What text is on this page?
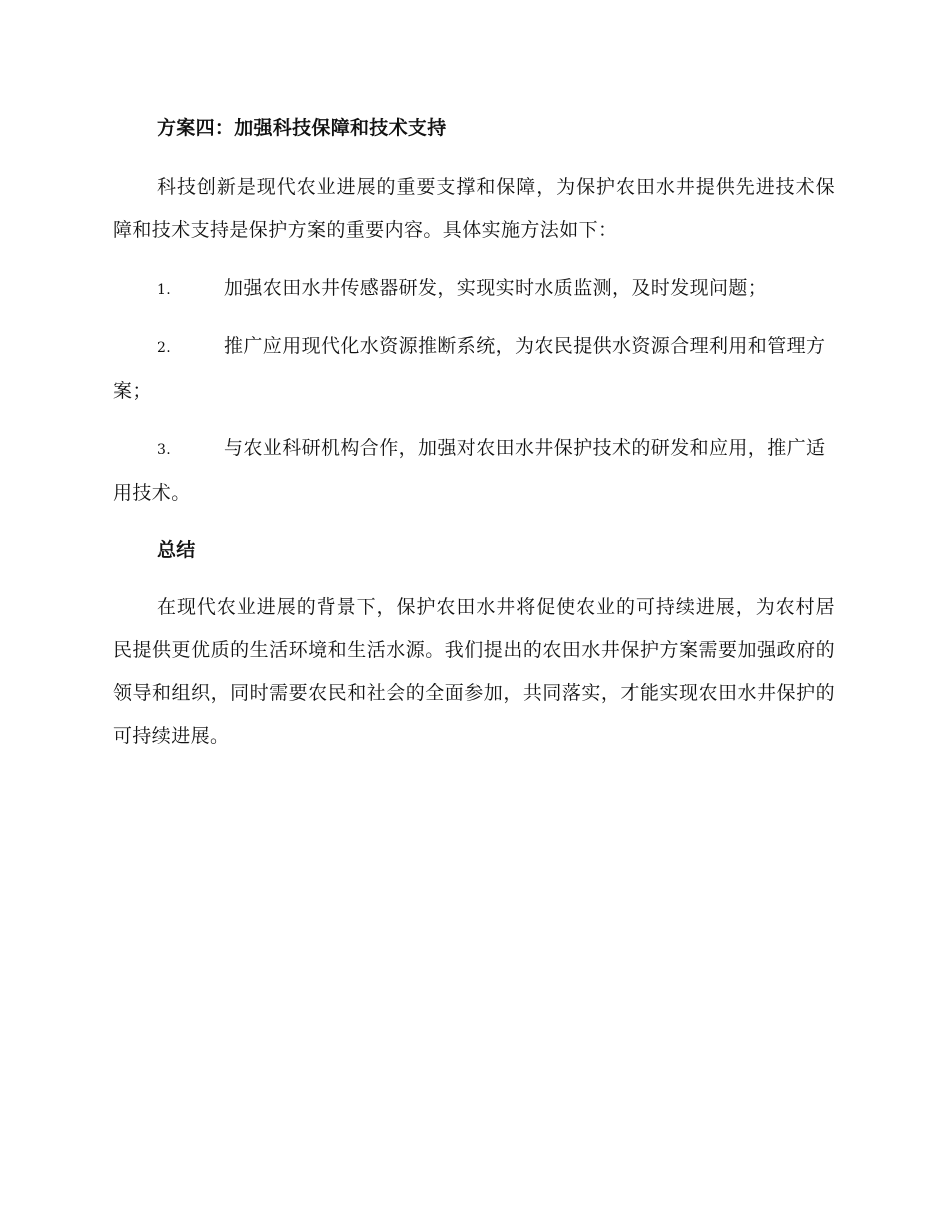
方案四：加强科技保障和技术支持
科技创新是现代农业进展的重要支撑和保障，为保护农田水井提供先进技术保障和技术支持是保护方案的重要内容。具体实施方法如下：
1.	加强农田水井传感器研发，实现实时水质监测，及时发现问题；
2.	推广应用现代化水资源推断系统，为农民提供水资源合理利用和管理方案；
3.	与农业科研机构合作，加强对农田水井保护技术的研发和应用，推广适用技术。
总结
在现代农业进展的背景下，保护农田水井将促使农业的可持续进展，为农村居民提供更优质的生活环境和生活水源。我们提出的农田水井保护方案需要加强政府的领导和组织，同时需要农民和社会的全面参加，共同落实，才能实现农田水井保护的可持续进展。
